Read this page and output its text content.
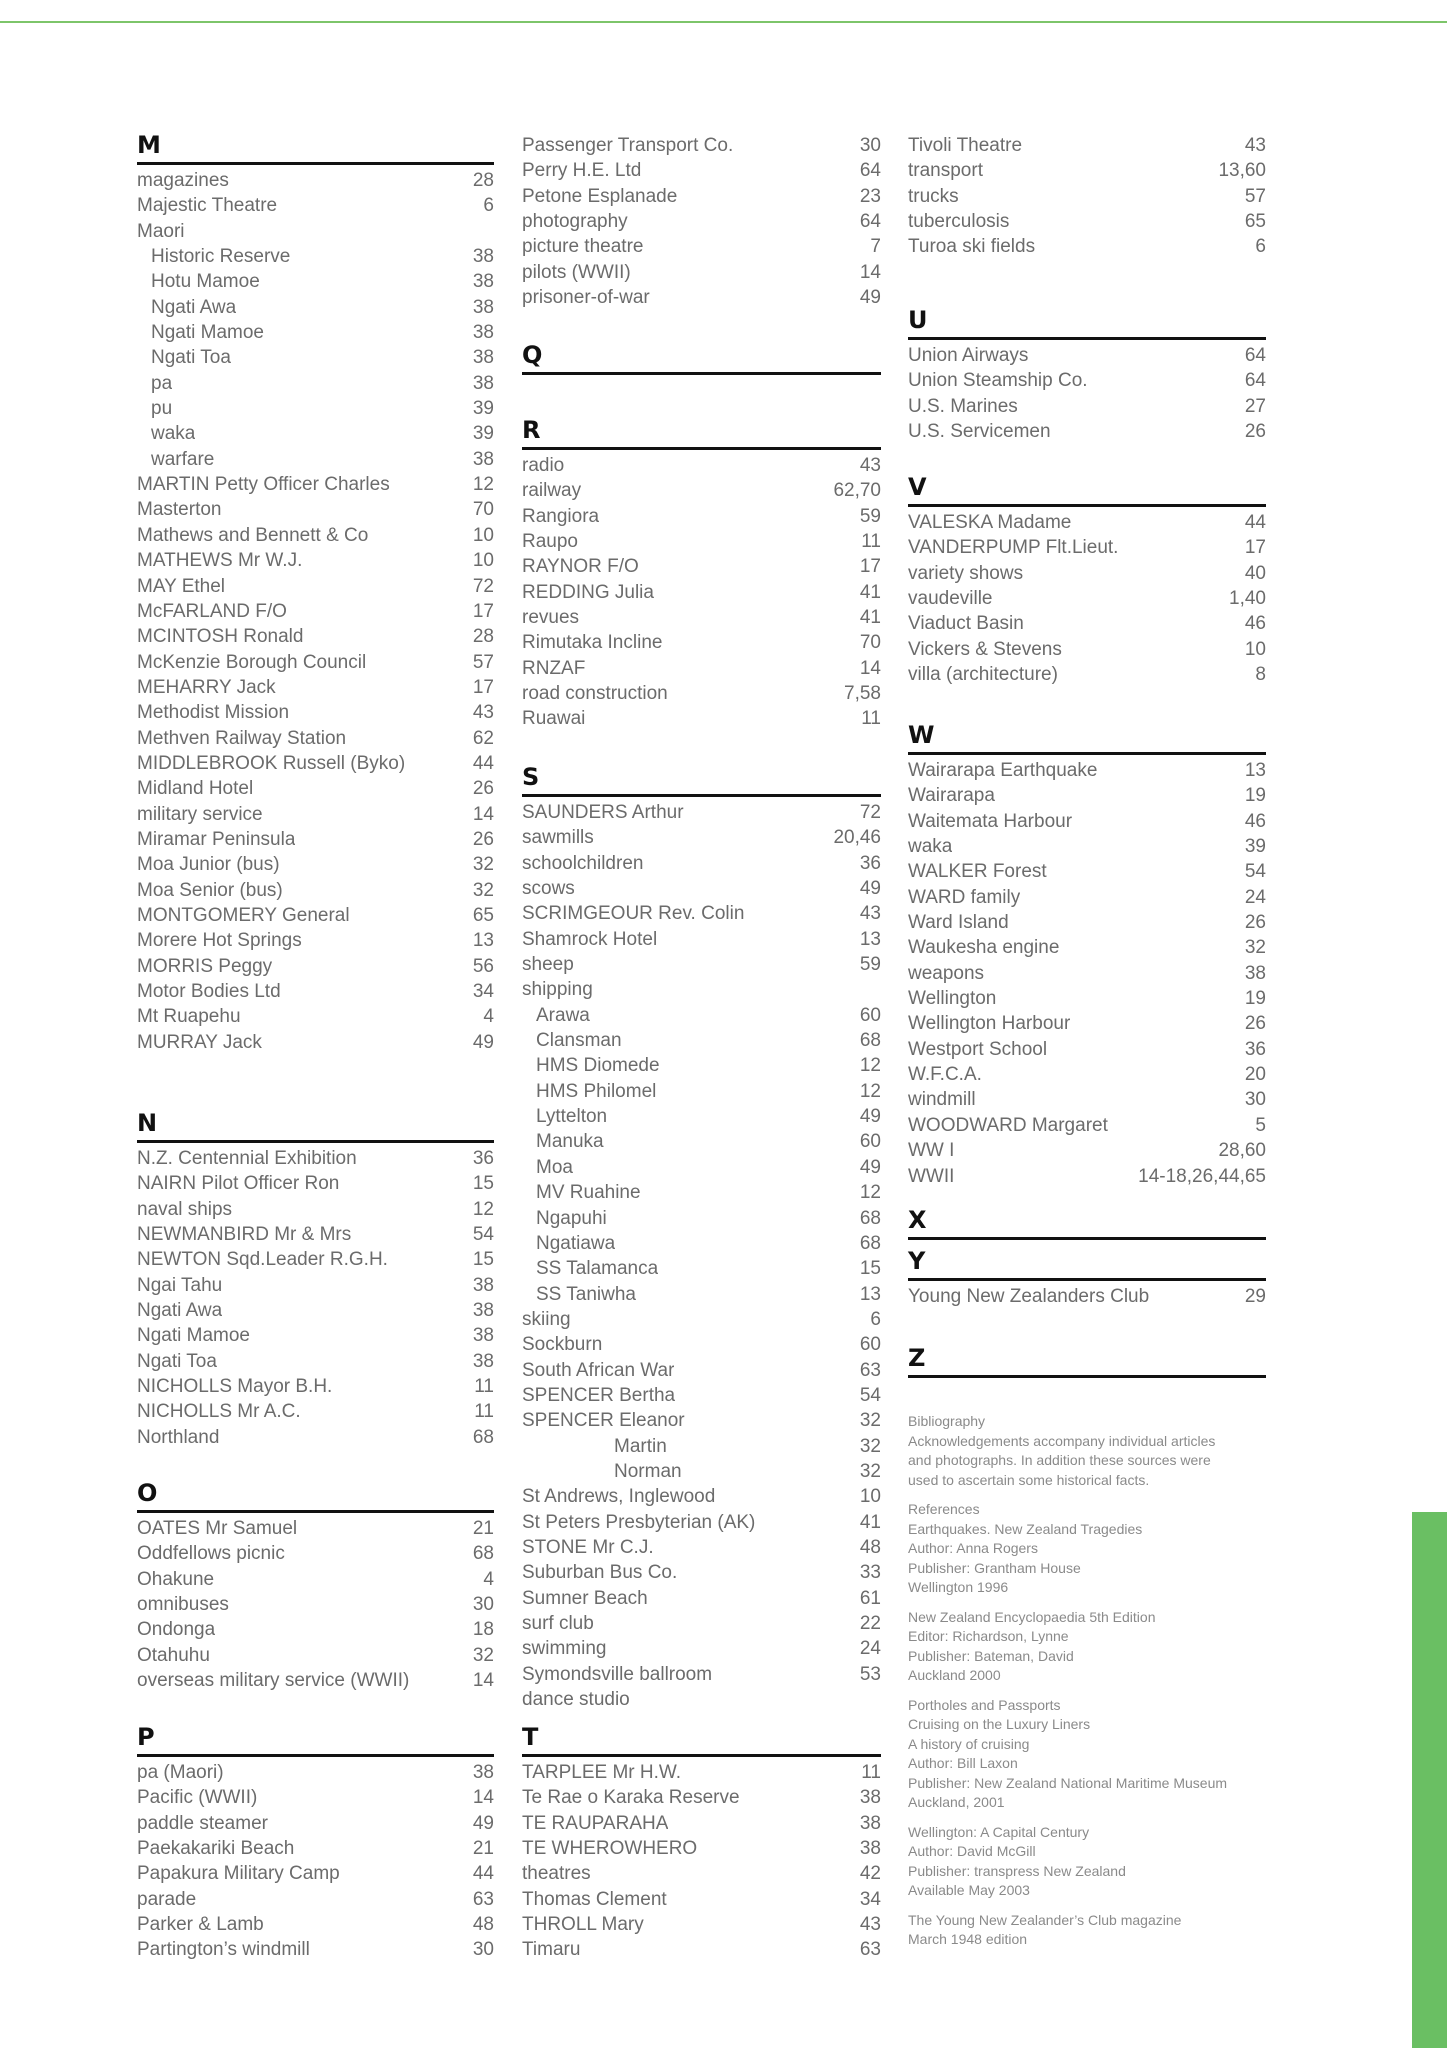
M
magazines	28
Majestic Theatre	6
Maori
Historic Reserve	38
Hotu Mamoe	38
Ngati Awa	38
Ngati Mamoe	38
Ngati Toa	38
pa	38
pu	39
waka	39
warfare	38
MARTIN Petty Officer Charles	12
Masterton	70
Mathews and Bennett & Co	10
MATHEWS Mr W.J.	10
MAY Ethel	72
McFARLAND F/O	17
MCINTOSH Ronald	28
McKenzie Borough Council	57
MEHARRY Jack	17
Methodist Mission	43
Methven Railway Station	62
MIDDLEBROOK Russell (Byko)	44
Midland Hotel	26
military service	14
Miramar Peninsula	26
Moa Junior (bus)	32
Moa Senior (bus)	32
MONTGOMERY General	65
Morere Hot Springs	13
MORRIS Peggy	56
Motor Bodies Ltd	34
Mt Ruapehu	4
MURRAY Jack	49
N
N.Z. Centennial Exhibition	36
NAIRN Pilot Officer Ron	15
naval ships	12
NEWMANBIRD Mr & Mrs	54
NEWTON Sqd.Leader R.G.H.	15
Ngai Tahu	38
Ngati Awa	38
Ngati Mamoe	38
Ngati Toa	38
NICHOLLS Mayor B.H.	11
NICHOLLS Mr A.C.	11
Northland	68
O
OATES Mr Samuel	21
Oddfellows picnic	68
Ohakune	4
omnibuses	30
Ondonga	18
Otahuhu	32
overseas military service (WWII)	14
P
pa (Maori)	38
Pacific (WWII)	14
paddle steamer	49
Paekakariki Beach	21
Papakura Military Camp	44
parade	63
Parker & Lamb	48
Partington’s windmill	30
Passenger Transport Co.	30
Perry H.E. Ltd	64
Petone Esplanade	23
photography	64
picture theatre	7
pilots (WWII)	14
prisoner-of-war	49
Q
R
radio	43
railway	62,70
Rangiora	59
Raupo	11
RAYNOR F/O	17
REDDING Julia	41
revues	41
Rimutaka Incline	70
RNZAF	14
road construction	7,58
Ruawai	11
S
SAUNDERS Arthur	72
sawmills	20,46
schoolchildren	36
scows	49
SCRIMGEOUR Rev. Colin	43
Shamrock Hotel	13
sheep	59
shipping
Arawa	60
Clansman	68
HMS Diomede	12
HMS Philomel	12
Lyttelton	49
Manuka	60
Moa	49
MV Ruahine	12
Ngapuhi	68
Ngatiawa	68
SS Talamanca	15
SS Taniwha	13
skiing	6
Sockburn	60
South African War	63
SPENCER Bertha	54
SPENCER Eleanor	32
Martin	32
Norman	32
St Andrews, Inglewood	10
St Peters Presbyterian (AK)	41
STONE Mr C.J.	48
Suburban Bus Co.	33
Sumner Beach	61
surf club	22
swimming	24
Symondsville ballroom	53
dance studio
T
TARPLEE Mr H.W.	11
Te Rae o Karaka Reserve	38
TE RAUPARAHA	38
TE WHEROWHERO	38
theatres	42
Thomas Clement	34
THROLL Mary	43
Timaru	63
Tivoli Theatre	43
transport	13,60
trucks	57
tuberculosis	65
Turoa ski fields	6
U
Union Airways	64
Union Steamship Co.	64
U.S. Marines	27
U.S. Servicemen	26
V
VALESKA Madame	44
VANDERPUMP Flt.Lieut.	17
variety shows	40
vaudeville	1,40
Viaduct Basin	46
Vickers & Stevens	10
villa (architecture)	8
W
Wairarapa Earthquake	13
Wairarapa	19
Waitemata Harbour	46
waka	39
WALKER Forest	54
WARD family	24
Ward Island	26
Waukesha engine	32
weapons	38
Wellington	19
Wellington Harbour	26
Westport School	36
W.F.C.A.	20
windmill	30
WOODWARD Margaret	5
WW I	28,60
WWII	14-18,26,44,65
X
Y
Young New Zealanders Club	29
Z

Bibliography
Acknowledgements accompany individual articles
and photographs. In addition these sources were
used to ascertain some historical facts.

References
Earthquakes. New Zealand Tragedies
Author: Anna Rogers
Publisher: Grantham House
Wellington 1996

New Zealand Encyclopaedia 5th Edition
Editor: Richardson, Lynne
Publisher: Bateman, David
Auckland 2000

Portholes and Passports
Cruising on the Luxury Liners
A history of cruising
Author: Bill Laxon
Publisher: New Zealand National Maritime Museum
Auckland, 2001

Wellington: A Capital Century
Author: David McGill
Publisher: transpress New Zealand
Available May 2003

The Young New Zealander’s Club magazine
March 1948 edition
